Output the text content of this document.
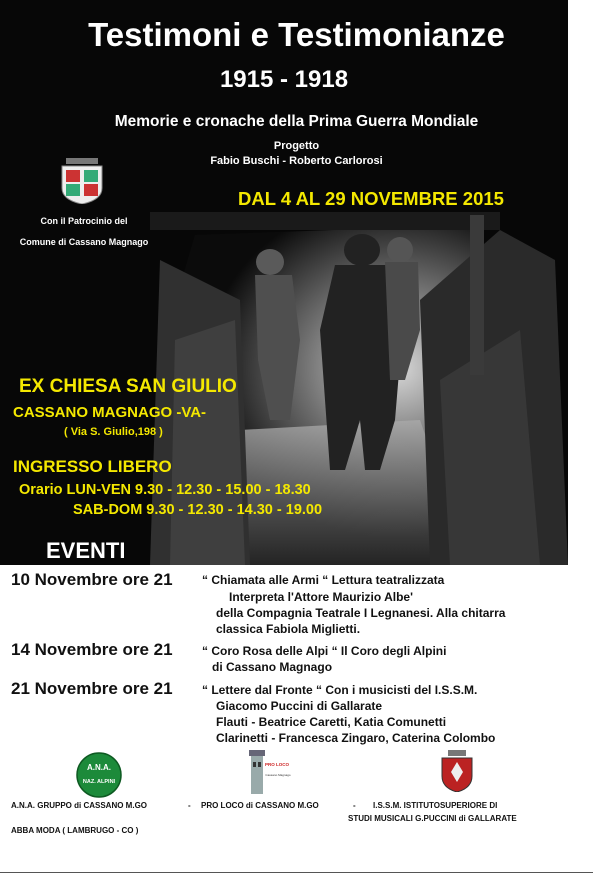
Testimoni e Testimonianze
1915 - 1918
Memorie e cronache della Prima Guerra Mondiale
Progetto
Fabio Buschi - Roberto Carlorosi
DAL 4 AL 29 NOVEMBRE 2015
Con il Patrocinio del
Comune di Cassano Magnago
EX CHIESA SAN GIULIO
CASSANO MAGNAGO -VA-
( Via S. Giulio,198 )
INGRESSO LIBERO
Orario LUN-VEN 9.30 - 12.30 - 15.00 - 18.30
SAB-DOM 9.30 - 12.30 - 14.30 - 19.00
EVENTI
10 Novembre ore 21 “ Chiamata alle Armi “ Lettura teatralizzata
Interpreta l'Attore Maurizio Albe'
della Compagnia Teatrale I Legnanesi. Alla chitarra
classica Fabiola Miglietti.
14 Novembre ore 21 “ Coro Rosa delle Alpi “ Il Coro degli Alpini
di Cassano Magnago
21 Novembre ore 21 “ Lettere dal Fronte “ Con i musicisti del I.S.S.M.
Giacomo Puccini di Gallarate
Flauti - Beatrice Caretti, Katia Comunetti
Clarinetti - Francesca Zingaro, Caterina Colombo
A.N.A.
NAZ. ALPINI
PRO LOCO
Cassano Magnago
A.N.A. GRUPPO di CASSANO M.GO	- PRO LOCO di CASSANO M.GO	- I.S.S.M. ISTITUTOSUPERIORE DI
STUDI MUSICALI G.PUCCINI di GALLARATE
ABBA MODA ( LAMBRUGO - CO )
